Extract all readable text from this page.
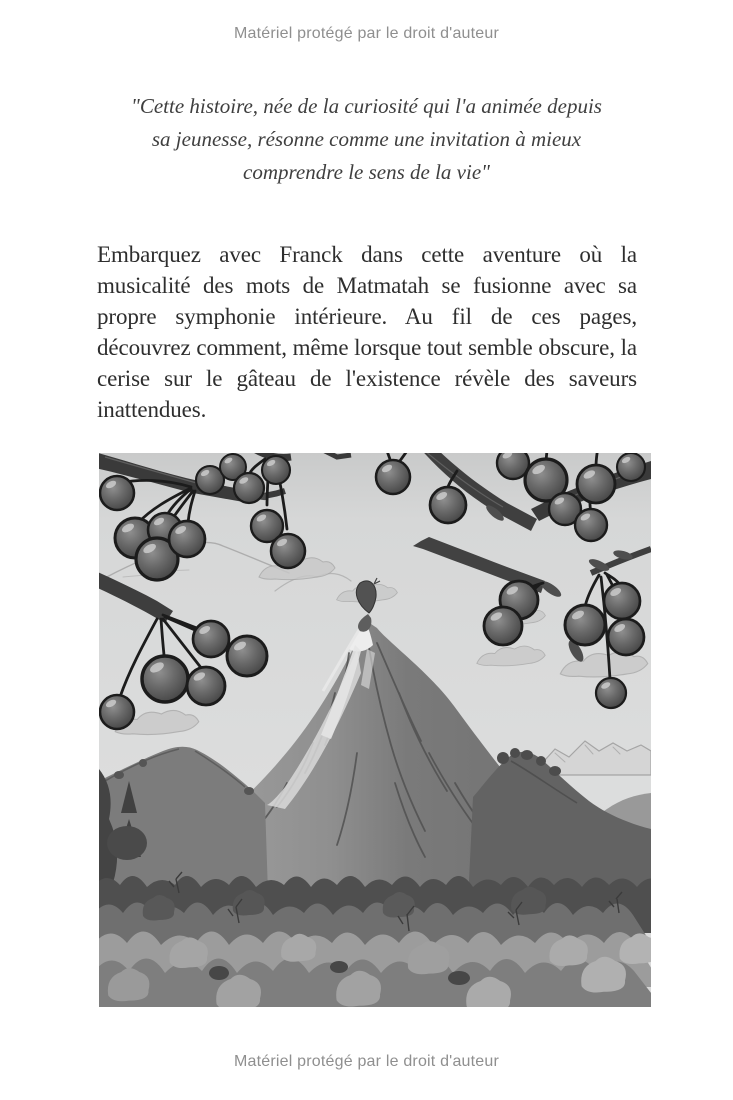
Matériel protégé par le droit d'auteur
"Cette histoire, née de la curiosité qui l'a animée depuis
sa jeunesse, résonne comme une invitation à mieux
comprendre le sens de la vie"

Embarquez avec Franck dans cette aventure où la musicalité des mots de Matmatah se fusionne avec sa propre symphonie intérieure. Au fil de ces pages, découvrez comment, même lorsque tout semble obscure, la cerise sur le gâteau de l'existence révèle des saveurs inattendues.

Matériel protégé par le droit d'auteur
